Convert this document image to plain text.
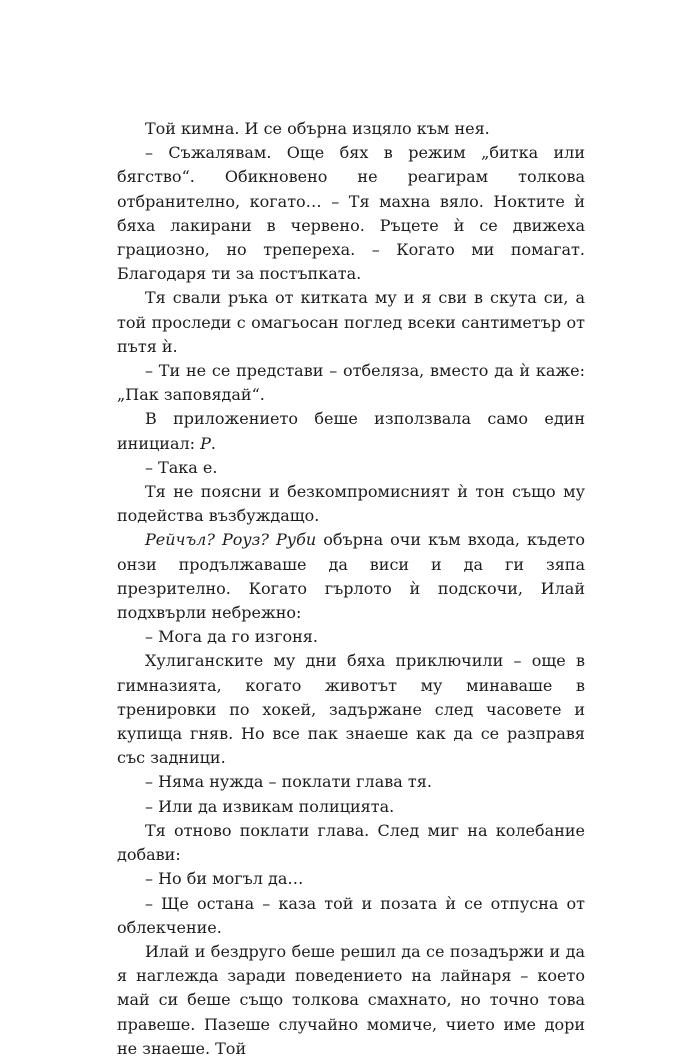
Той кимна. И се обърна изцяло към нея.

– Съжалявам. Още бях в режим „битка или бягство“. Обикновено не реагирам толкова отбранително, когато… – Тя махна вяло. Ноктите ѝ бяха лакирани в червено. Ръцете ѝ се движеха грациозно, но трепереха. – Когато ми помагат. Благодаря ти за постъпката.

Тя свали ръка от китката му и я сви в скута си, а той проследи с омагьосан поглед всеки сантиметър от пътя ѝ.

– Ти не се представи – отбеляза, вместо да ѝ каже: „Пак заповядай“.

В приложението беше използвала само един инициал: Р.

– Така е.

Тя не поясни и безкомпромисният ѝ тон също му подейства възбуждащо.

Рейчъл? Роуз? Руби обърна очи към входа, където онзи продължаваше да виси и да ги зяпа презрително. Когато гърлото ѝ подскочи, Илай подхвърли небрежно:

– Мога да го изгоня.

Хулиганските му дни бяха приключили – още в гимназията, когато животът му минаваше в тренировки по хокей, задържане след часовете и купища гняв. Но все пак знаеше как да се разправя със задници.

– Няма нужда – поклати глава тя.

– Или да извикам полицията.

Тя отново поклати глава. След миг на колебание добави:

– Но би могъл да…

– Ще остана – каза той и позата ѝ се отпусна от облекчение.

Илай и бездруго беше решил да се позадържи и да я наглежда заради поведението на лайнаря – което май си беше също толкова смахнато, но точно това правеше. Пазеше случайно момиче, чието име дори не знаеше. Той
